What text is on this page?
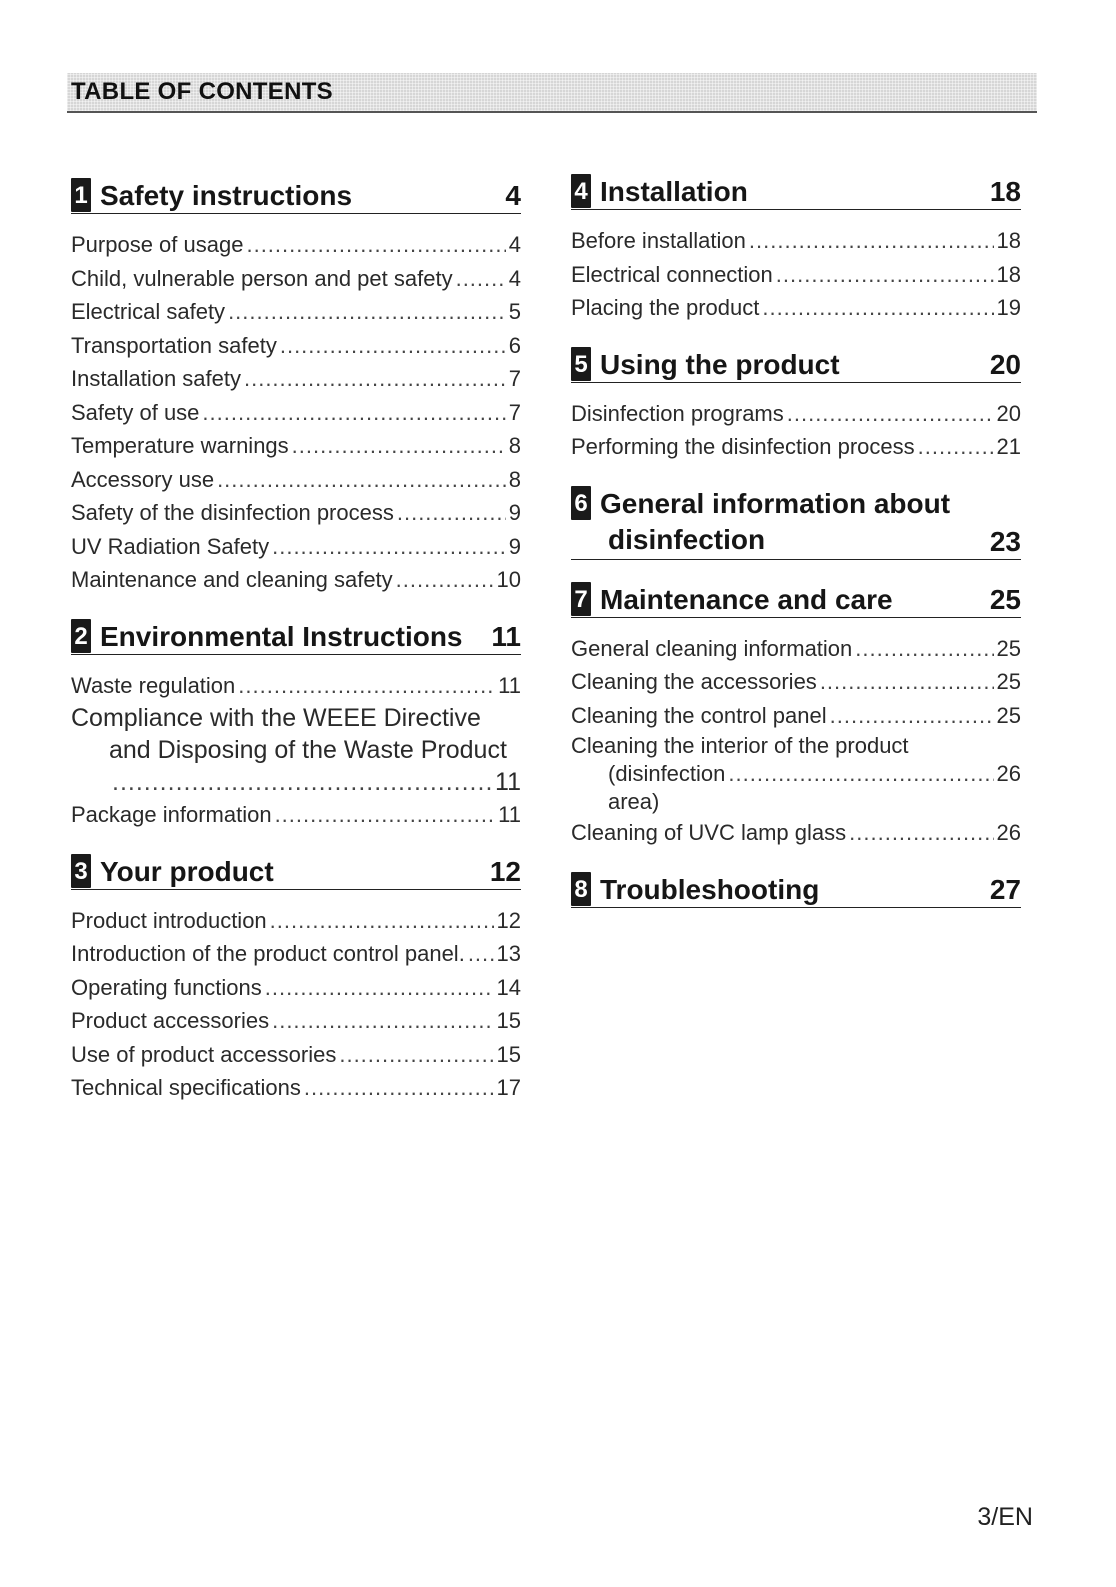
TABLE OF CONTENTS
1 Safety instructions	4
Purpose of usage .....	4
Child, vulnerable person and pet safety .....	4
Electrical safety .....	5
Transportation safety .....	6
Installation safety .....	7
Safety of use .....	7
Temperature warnings .....	8
Accessory use .....	8
Safety of the disinfection process .....	9
UV Radiation Safety .....	9
Maintenance and cleaning safety .....	10
2 Environmental Instructions	11
Waste regulation .....	11
Compliance with the WEEE Directive
and Disposing of the Waste Product
.....
11
Package information .....	11
3 Your product	12
Product introduction .....	12
Introduction of the product control panel. ..... 13
Operating functions .....	14
Product accessories .....	15
Use of product accessories .....	15
Technical specifications .....	17
4 Installation	18
Before installation .....	18
Electrical connection .....	18
Placing the product .....	19
5 Using the product	20
Disinfection programs .....	20
Performing the disinfection process .....	21
6 General information about
disinfection	23
7 Maintenance and care	25
General cleaning information .....	25
Cleaning the accessories .....	25
Cleaning the control panel .....	25
Cleaning the interior of the product
(disinfection area)
.....
26
Cleaning of UVC lamp glass .....	26
8 Troubleshooting	27
3/EN
